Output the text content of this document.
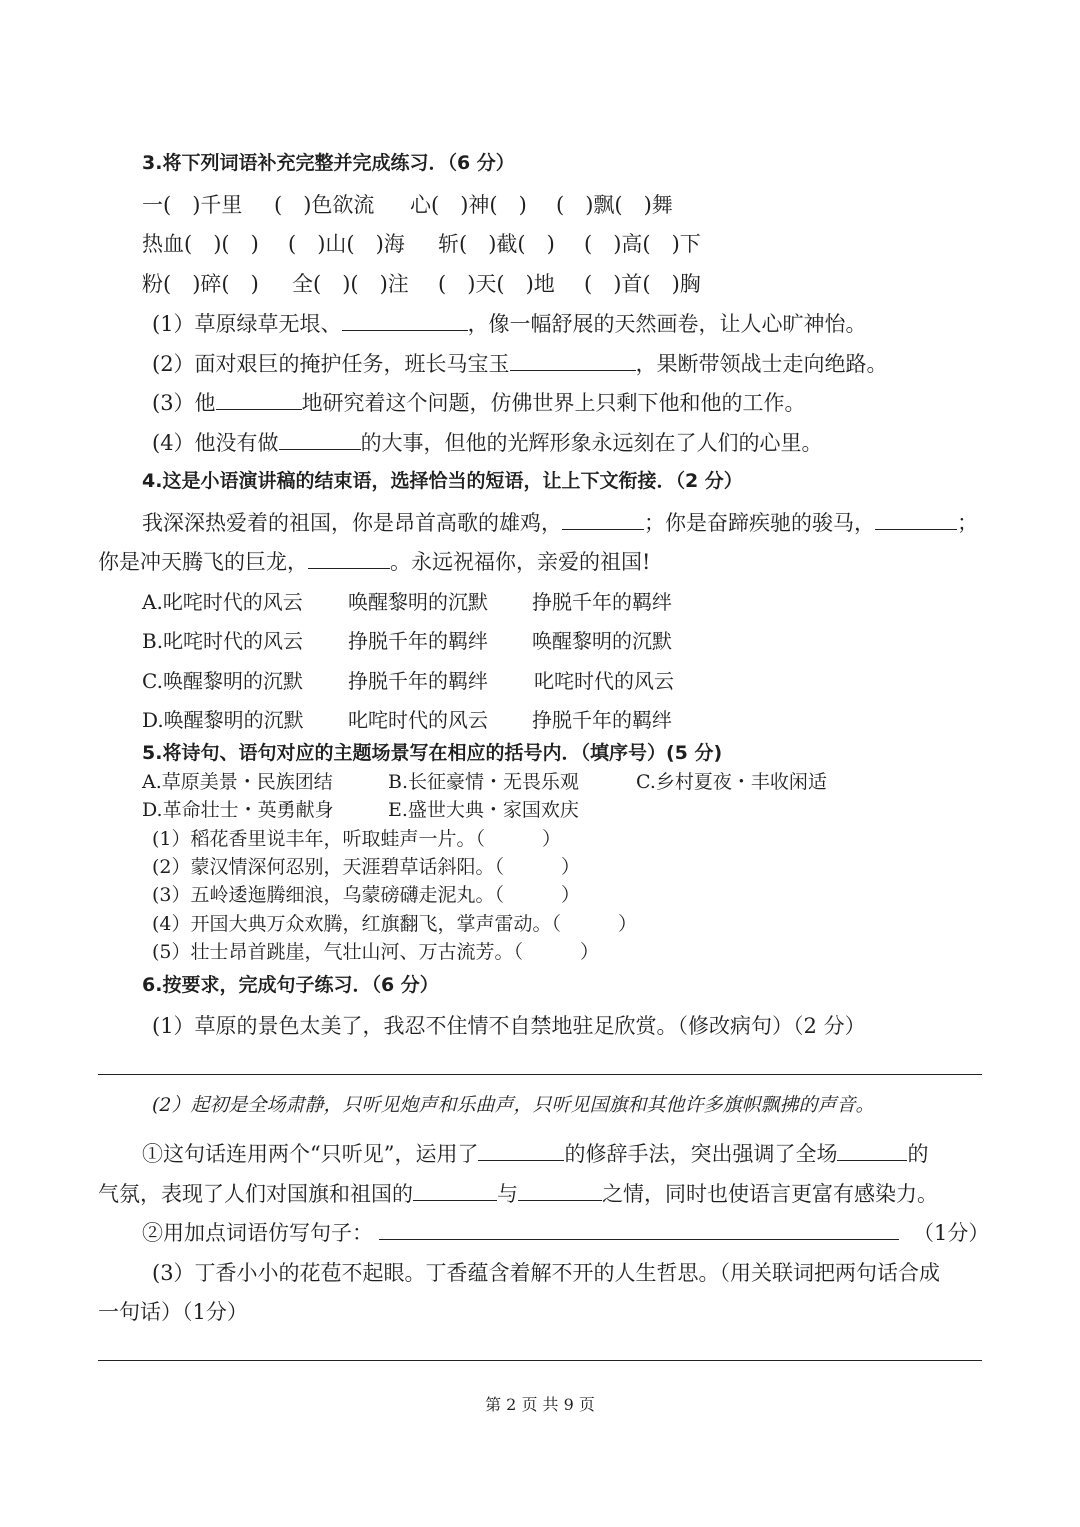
3.将下列词语补充完整并完成练习．（6 分）
一(　)千里 (　)色欲流 心(　)神(　) (　)飘(　)舞
热血(　)(　) (　)山(　)海 斩(　)截(　) (　)高(　)下
粉(　)碎(　) 全(　)(　)注 (　)天(　)地 (　)首(　)胸
(1）草原绿草无垠、	，像一幅舒展的天然画卷，让人心旷神怡。
(2）面对艰巨的掩护任务，班长马宝玉	，果断带领战士走向绝路。
(3）他	地研究着这个问题，仿佛世界上只剩下他和他的工作。
(4）他没有做	的大事，但他的光辉形象永远刻在了人们的心里。
4.这是小语演讲稿的结束语，选择恰当的短语，让上下文衔接．（2 分）
我深深热爱着的祖国，你是昂首高歌的雄鸡，	；你是奋蹄疾驰的骏马，	；
你是冲天腾飞的巨龙，	。永远祝福你，亲爱的祖国!
A.叱咤时代的风云 唤醒黎明的沉默 挣脱千年的羁绊
B.叱咤时代的风云 挣脱千年的羁绊 唤醒黎明的沉默
C.唤醒黎明的沉默 挣脱千年的羁绊 叱咤时代的风云
D.唤醒黎明的沉默 叱咤时代的风云 挣脱千年的羁绊
5.将诗句、语句对应的主题场景写在相应的括号内．（填序号）(5 分)
A.草原美景・民族团结	B.长征豪情・无畏乐观	C.乡村夏夜・丰收闲适
D.革命壮士・英勇献身	E.盛世大典・家国欢庆
(1）稻花香里说丰年，听取蛙声一片。（　　　）
(2）蒙汉情深何忍别，天涯碧草话斜阳。（　　　）
(3）五岭逶迤腾细浪，乌蒙磅礴走泥丸。（　　　）
(4）开国大典万众欢腾，红旗翻飞，掌声雷动。（　　　）
(5）壮士昂首跳崖，气壮山河、万古流芳。（　　　）
6.按要求，完成句子练习．（6 分）
(1）草原的景色太美了，我忍不住情不自禁地驻足欣赏。（修改病句）（2 分）
(2）起初是全场肃静，只听见炮声和乐曲声，只听见国旗和其他许多旗帜飘拂的声音。
①这句话连用两个“只听见”，运用了	的修辞手法，突出强调了全场	的
气氛，表现了人们对国旗和祖国的	与	之情，同时也使语言更富有感染力。
②用加点词语仿写句子：	（1分）
(3）丁香小小的花苞不起眼。丁香蕴含着解不开的人生哲思。（用关联词把两句话合成
一句话）（1分）
第 2 页 共 9 页
